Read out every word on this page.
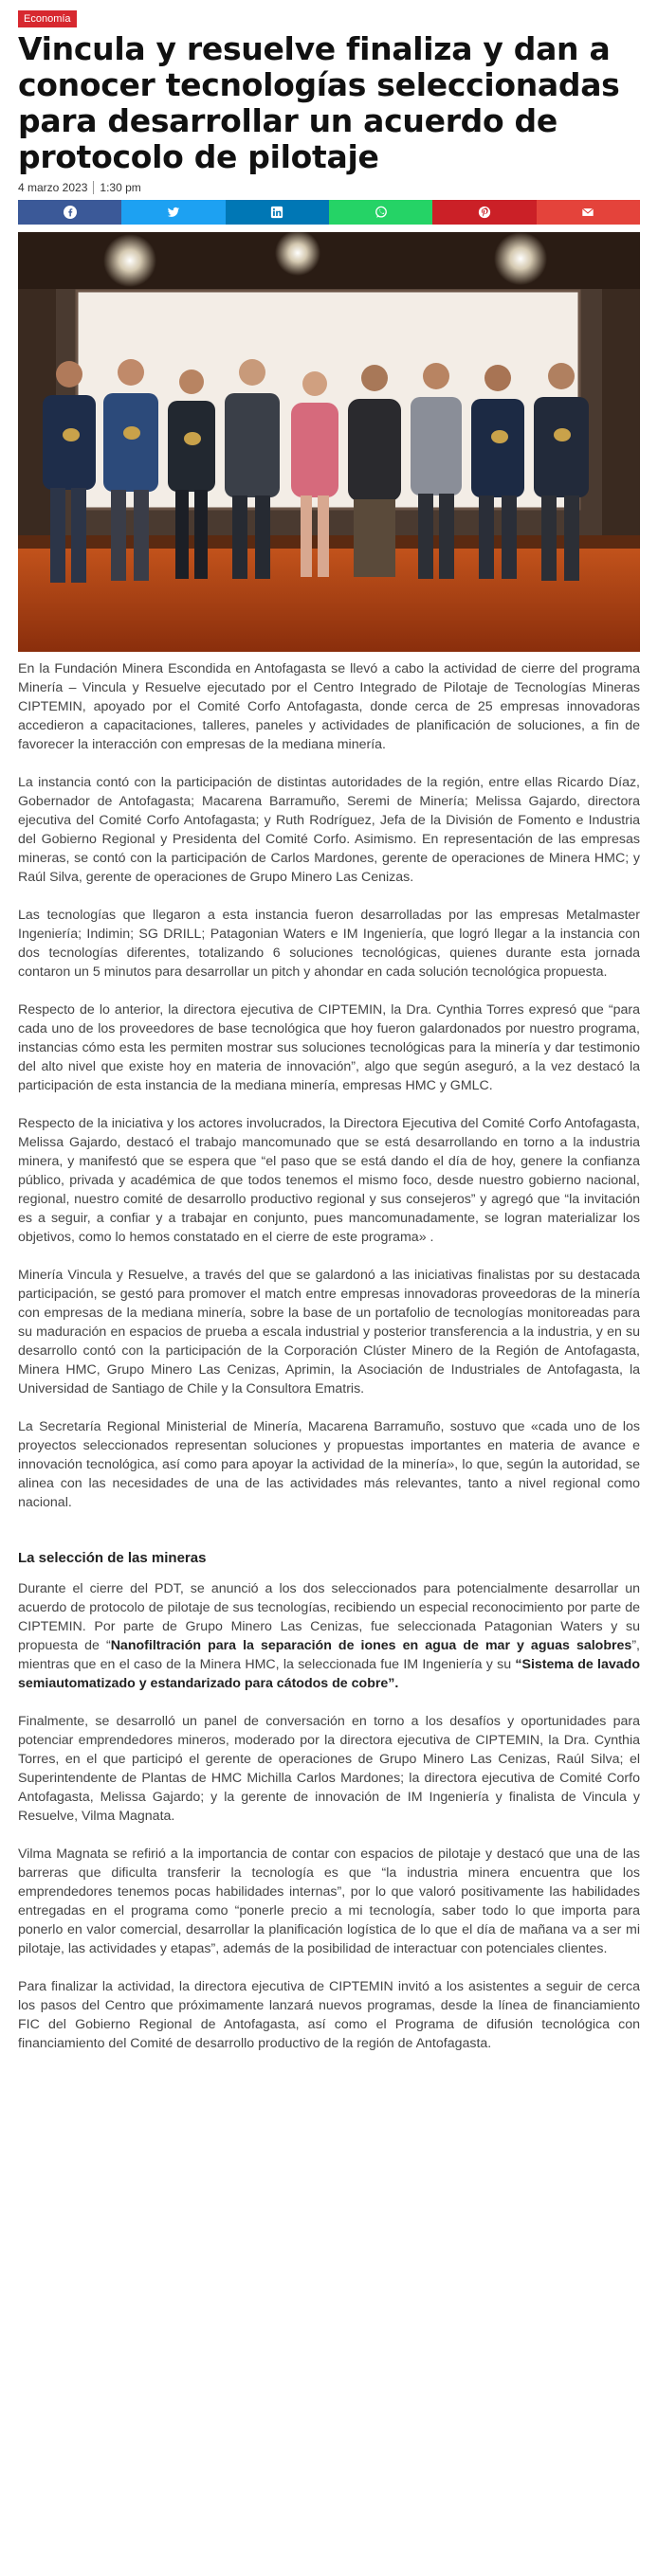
Economía
Vincula y resuelve finaliza y dan a conocer tecnologías seleccionadas para desarrollar un acuerdo de protocolo de pilotaje
4 marzo 2023 1:30 pm

En la Fundación Minera Escondida en Antofagasta se llevó a cabo la actividad de cierre del programa Minería – Vincula y Resuelve ejecutado por el Centro Integrado de Pilotaje de Tecnologías Mineras CIPTEMIN, apoyado por el Comité Corfo Antofagasta, donde cerca de 25 empresas innovadoras accedieron a capacitaciones, talleres, paneles y actividades de planificación de soluciones, a fin de favorecer la interacción con empresas de la mediana minería.

La instancia contó con la participación de distintas autoridades de la región, entre ellas Ricardo Díaz, Gobernador de Antofagasta; Macarena Barramuño, Seremi de Minería; Melissa Gajardo, directora ejecutiva del Comité Corfo Antofagasta; y Ruth Rodríguez, Jefa de la División de Fomento e Industria del Gobierno Regional y Presidenta del Comité Corfo. Asimismo. En representación de las empresas mineras, se contó con la participación de Carlos Mardones, gerente de operaciones de Minera HMC; y Raúl Silva, gerente de operaciones de Grupo Minero Las Cenizas.

Las tecnologías que llegaron a esta instancia fueron desarrolladas por las empresas Metalmaster Ingeniería; Indimin; SG DRILL; Patagonian Waters e IM Ingeniería, que logró llegar a la instancia con dos tecnologías diferentes, totalizando 6 soluciones tecnológicas, quienes durante esta jornada contaron un 5 minutos para desarrollar un pitch y ahondar en cada solución tecnológica propuesta.

Respecto de lo anterior, la directora ejecutiva de CIPTEMIN, la Dra. Cynthia Torres expresó que “para cada uno de los proveedores de base tecnológica que hoy fueron galardonados por nuestro programa, instancias cómo esta les permiten mostrar sus soluciones tecnológicas para la minería y dar testimonio del alto nivel que existe hoy en materia de innovación”, algo que según aseguró, a la vez destacó la participación de esta instancia de la mediana minería, empresas HMC y GMLC.

Respecto de la iniciativa y los actores involucrados, la Directora Ejecutiva del Comité Corfo Antofagasta, Melissa Gajardo, destacó el trabajo mancomunado que se está desarrollando en torno a la industria minera, y manifestó que se espera que “el paso que se está dando el día de hoy, genere la confianza público, privada y académica de que todos tenemos el mismo foco, desde nuestro gobierno nacional, regional, nuestro comité de desarrollo productivo regional y sus consejeros” y agregó que “la invitación es a seguir, a confiar y a trabajar en conjunto, pues mancomunadamente, se logran materializar los objetivos, como lo hemos constatado en el cierre de este programa» .

Minería Vincula y Resuelve, a través del que se galardonó a las iniciativas finalistas por su destacada participación, se gestó para promover el match entre empresas innovadoras proveedoras de la minería con empresas de la mediana minería, sobre la base de un portafolio de tecnologías monitoreadas para su maduración en espacios de prueba a escala industrial y posterior transferencia a la industria, y en su desarrollo contó con la participación de la Corporación Clúster Minero de la Región de Antofagasta, Minera HMC, Grupo Minero Las Cenizas, Aprimin, la Asociación de Industriales de Antofagasta, la Universidad de Santiago de Chile y la Consultora Ematris.

La Secretaría Regional Ministerial de Minería, Macarena Barramuño, sostuvo que «cada uno de los proyectos seleccionados representan soluciones y propuestas importantes en materia de avance e innovación tecnológica, así como para apoyar la actividad de la minería», lo que, según la autoridad, se alinea con las necesidades de una de las actividades más relevantes, tanto a nivel regional como nacional.

La selección de las mineras

Durante el cierre del PDT, se anunció a los dos seleccionados para potencialmente desarrollar un acuerdo de protocolo de pilotaje de sus tecnologías, recibiendo un especial reconocimiento por parte de CIPTEMIN. Por parte de Grupo Minero Las Cenizas, fue seleccionada Patagonian Waters y su propuesta de “Nanofiltración para la separación de iones en agua de mar y aguas salobres”, mientras que en el caso de la Minera HMC, la seleccionada fue IM Ingeniería y su “Sistema de lavado semiautomatizado y estandarizado para cátodos de cobre”.

Finalmente, se desarrolló un panel de conversación en torno a los desafíos y oportunidades para potenciar emprendedores mineros, moderado por la directora ejecutiva de CIPTEMIN, la Dra. Cynthia Torres, en el que participó el gerente de operaciones de Grupo Minero Las Cenizas, Raúl Silva; el Superintendente de Plantas de HMC Michilla Carlos Mardones; la directora ejecutiva de Comité Corfo Antofagasta, Melissa Gajardo; y la gerente de innovación de IM Ingeniería y finalista de Vincula y Resuelve, Vilma Magnata.

Vilma Magnata se refirió a la importancia de contar con espacios de pilotaje y destacó que una de las barreras que dificulta transferir la tecnología es que “la industria minera encuentra que los emprendedores tenemos pocas habilidades internas”, por lo que valoró positivamente las habilidades entregadas en el programa como “ponerle precio a mi tecnología, saber todo lo que importa para ponerlo en valor comercial, desarrollar la planificación logística de lo que el día de mañana va a ser mi pilotaje, las actividades y etapas”, además de la posibilidad de interactuar con potenciales clientes.

Para finalizar la actividad, la directora ejecutiva de CIPTEMIN invitó a los asistentes a seguir de cerca los pasos del Centro que próximamente lanzará nuevos programas, desde la línea de financiamiento FIC del Gobierno Regional de Antofagasta, así como el Programa de difusión tecnológica con financiamiento del Comité de desarrollo productivo de la región de Antofagasta.
